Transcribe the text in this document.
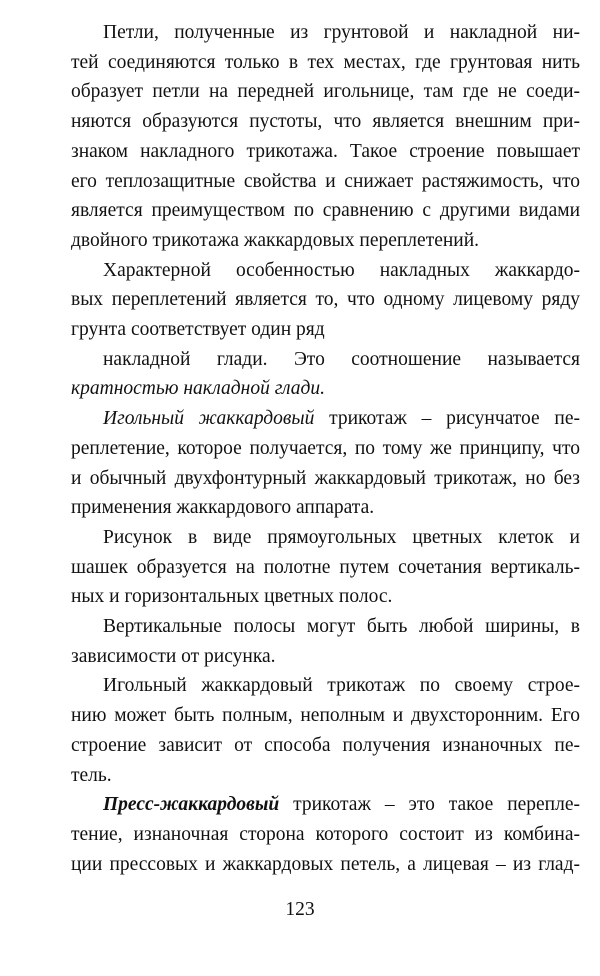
Петли, полученные из грунтовой и накладной ни-
тей соединяются только в тех местах, где грунтовая нить
образует петли на передней игольнице, там где не соеди-
няются образуются пустоты, что является внешним при-
знаком накладного трикотажа. Такое строение повышает
его теплозащитные свойства и снижает растяжимость, что
является преимуществом по сравнению с другими видами
двойного трикотажа жаккардовых переплетений.
Характерной особенностью накладных жаккардо-
вых переплетений является то, что одному лицевому ряду
грунта соответствует один ряд
накладной глади. Это соотношение называется
кратностью накладной глади.
Игольный жаккардовый трикотаж – рисунчатое пе-
реплетение, которое получается, по тому же принципу, что
и обычный двухфонтурный жаккардовый трикотаж, но без
применения жаккардового аппарата.
Рисунок в виде прямоугольных цветных клеток и
шашек образуется на полотне путем сочетания вертикаль-
ных и горизонтальных цветных полос.
Вертикальные полосы могут быть любой ширины, в
зависимости от рисунка.
Игольный жаккардовый трикотаж по своему строе-
нию может быть полным, неполным и двухсторонним. Его
строение зависит от способа получения изнаночных пе-
тель.
Пресс-жаккардовый трикотаж – это такое переплe-
тение, изнаночная сторона которого состоит из комбина-
ции прессовых и жаккардовых петель, а лицевая – из глад-
123
